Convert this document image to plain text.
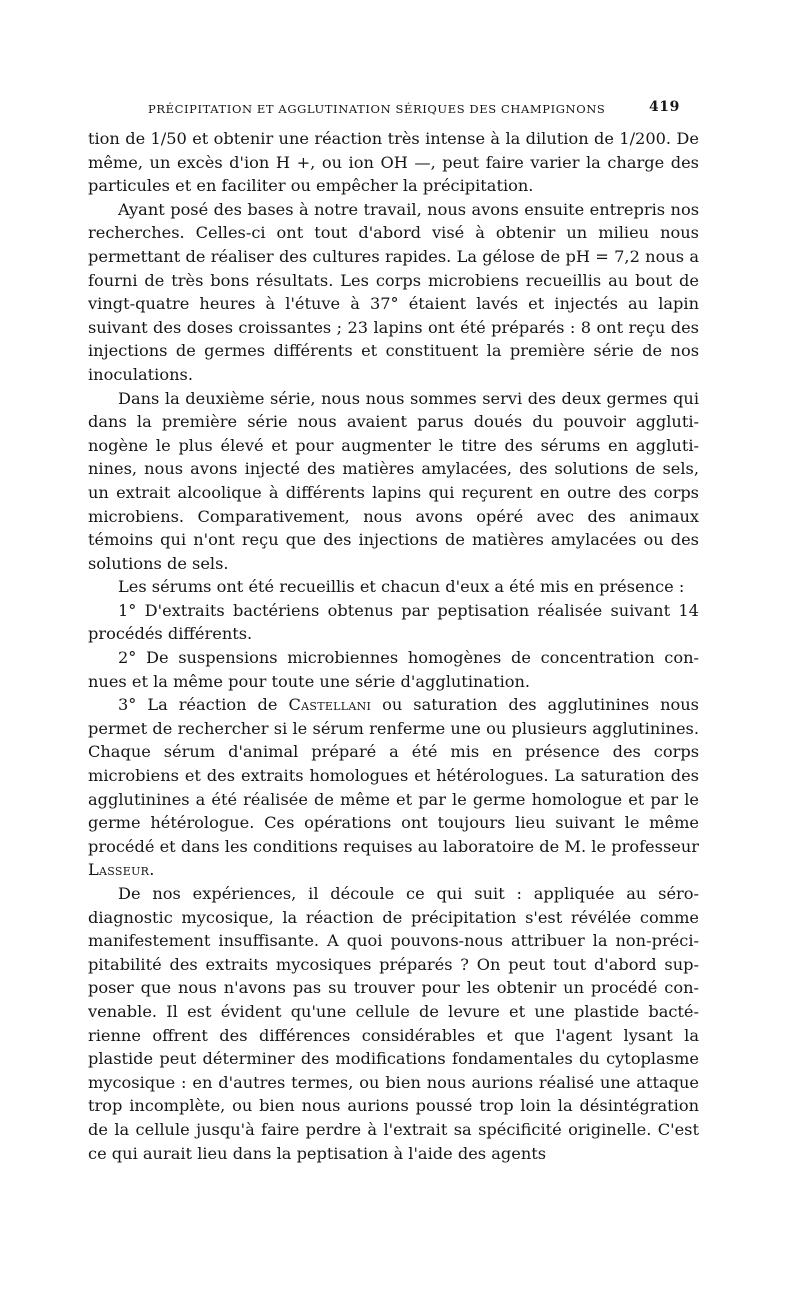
PRÉCIPITATION ET AGGLUTINATION SÉRIQUES DES CHAMPIGNONS	419

tion de 1/50 et obtenir une réaction très intense à la dilution de 1/200. De même, un excès d'ion H +, ou ion OH —, peut faire varier la charge des particules et en faciliter ou empêcher la précipitation.

Ayant posé des bases à notre travail, nous avons ensuite entrepris nos recherches. Celles-ci ont tout d'abord visé à obtenir un milieu nous permettant de réaliser des cultures rapides. La gélose de pH = 7,2 nous a fourni de très bons résultats. Les corps microbiens recueillis au bout de vingt-quatre heures à l'étuve à 37° étaient lavés et injectés au lapin suivant des doses croissantes ; 23 lapins ont été préparés : 8 ont reçu des injections de germes différents et constituent la première série de nos inoculations.

Dans la deuxième série, nous nous sommes servi des deux germes qui dans la première série nous avaient parus doués du pouvoir agglutinogène le plus élevé et pour augmenter le titre des sérums en agglutinines, nous avons injecté des matières amylacées, des solutions de sels, un extrait alcoolique à différents lapins qui reçurent en outre des corps microbiens. Comparativement, nous avons opéré avec des animaux témoins qui n'ont reçu que des injections de matières amylacées ou des solutions de sels.

Les sérums ont été recueillis et chacun d'eux a été mis en présence :

1° D'extraits bactériens obtenus par peptisation réalisée suivant 14 procédés différents.

2° De suspensions microbiennes homogènes de concentration connues et la même pour toute une série d'agglutination.

3° La réaction de Castellani ou saturation des agglutinines nous permet de rechercher si le sérum renferme une ou plusieurs agglutinines. Chaque sérum d'animal préparé a été mis en présence des corps microbiens et des extraits homologues et hétérologues. La saturation des agglutinines a été réalisée de même et par le germe homologue et par le germe hétérologue. Ces opérations ont toujours lieu suivant le même procédé et dans les conditions requises au laboratoire de M. le professeur Lasseur.

De nos expériences, il découle ce qui suit : appliquée au sérodiagnostic mycosique, la réaction de précipitation s'est révélée comme manifestement insuffisante. A quoi pouvons-nous attribuer la non-précipitabilité des extraits mycosiques préparés ? On peut tout d'abord supposer que nous n'avons pas su trouver pour les obtenir un procédé convenable. Il est évident qu'une cellule de levure et une plastide bactérienne offrent des différences considérables et que l'agent lysant la plastide peut déterminer des modifications fondamentales du cytoplasme mycosique : en d'autres termes, ou bien nous aurions réalisé une attaque trop incomplète, ou bien nous aurions poussé trop loin la désintégration de la cellule jusqu'à faire perdre à l'extrait sa spécificité originelle. C'est ce qui aurait lieu dans la peptisation à l'aide des agents
